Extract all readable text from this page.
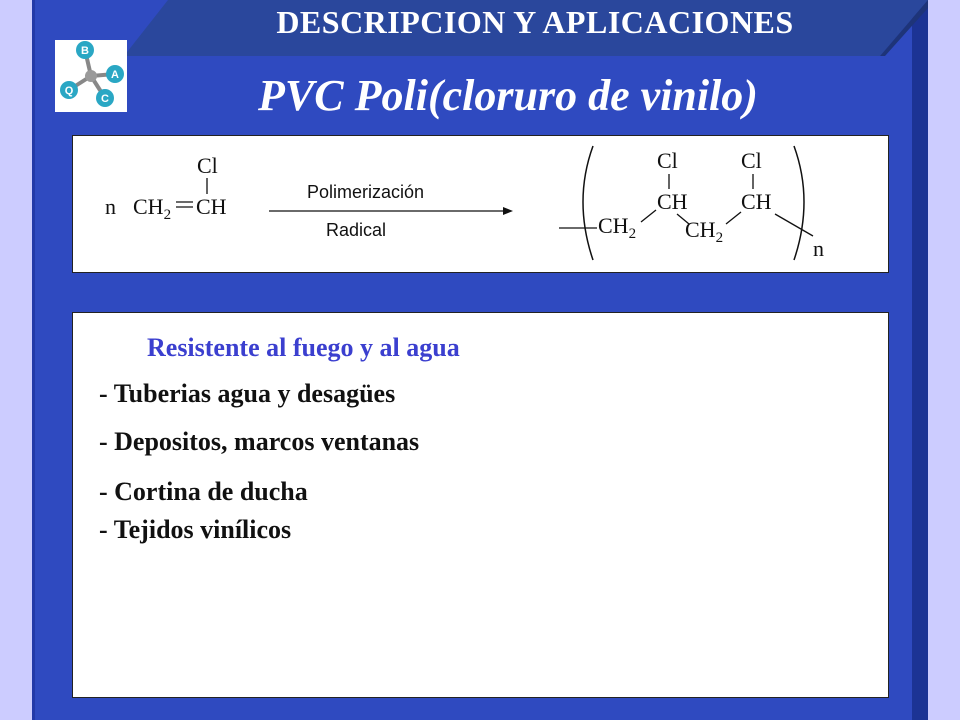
DESCRIPCION Y APLICACIONES
B
A
C
Q	PVC Poli(cloruro de vinilo)
n $CH_2$ CH
Cl
Polimerización
Radical	$CH_2$
CH
Cl
$CH_2$
CH
Cl
n
Resistente al fuego y al agua
- Tuberias agua y desagües
- Depositos, marcos ventanas
- Cortina de ducha
- Tejidos vinílicos
